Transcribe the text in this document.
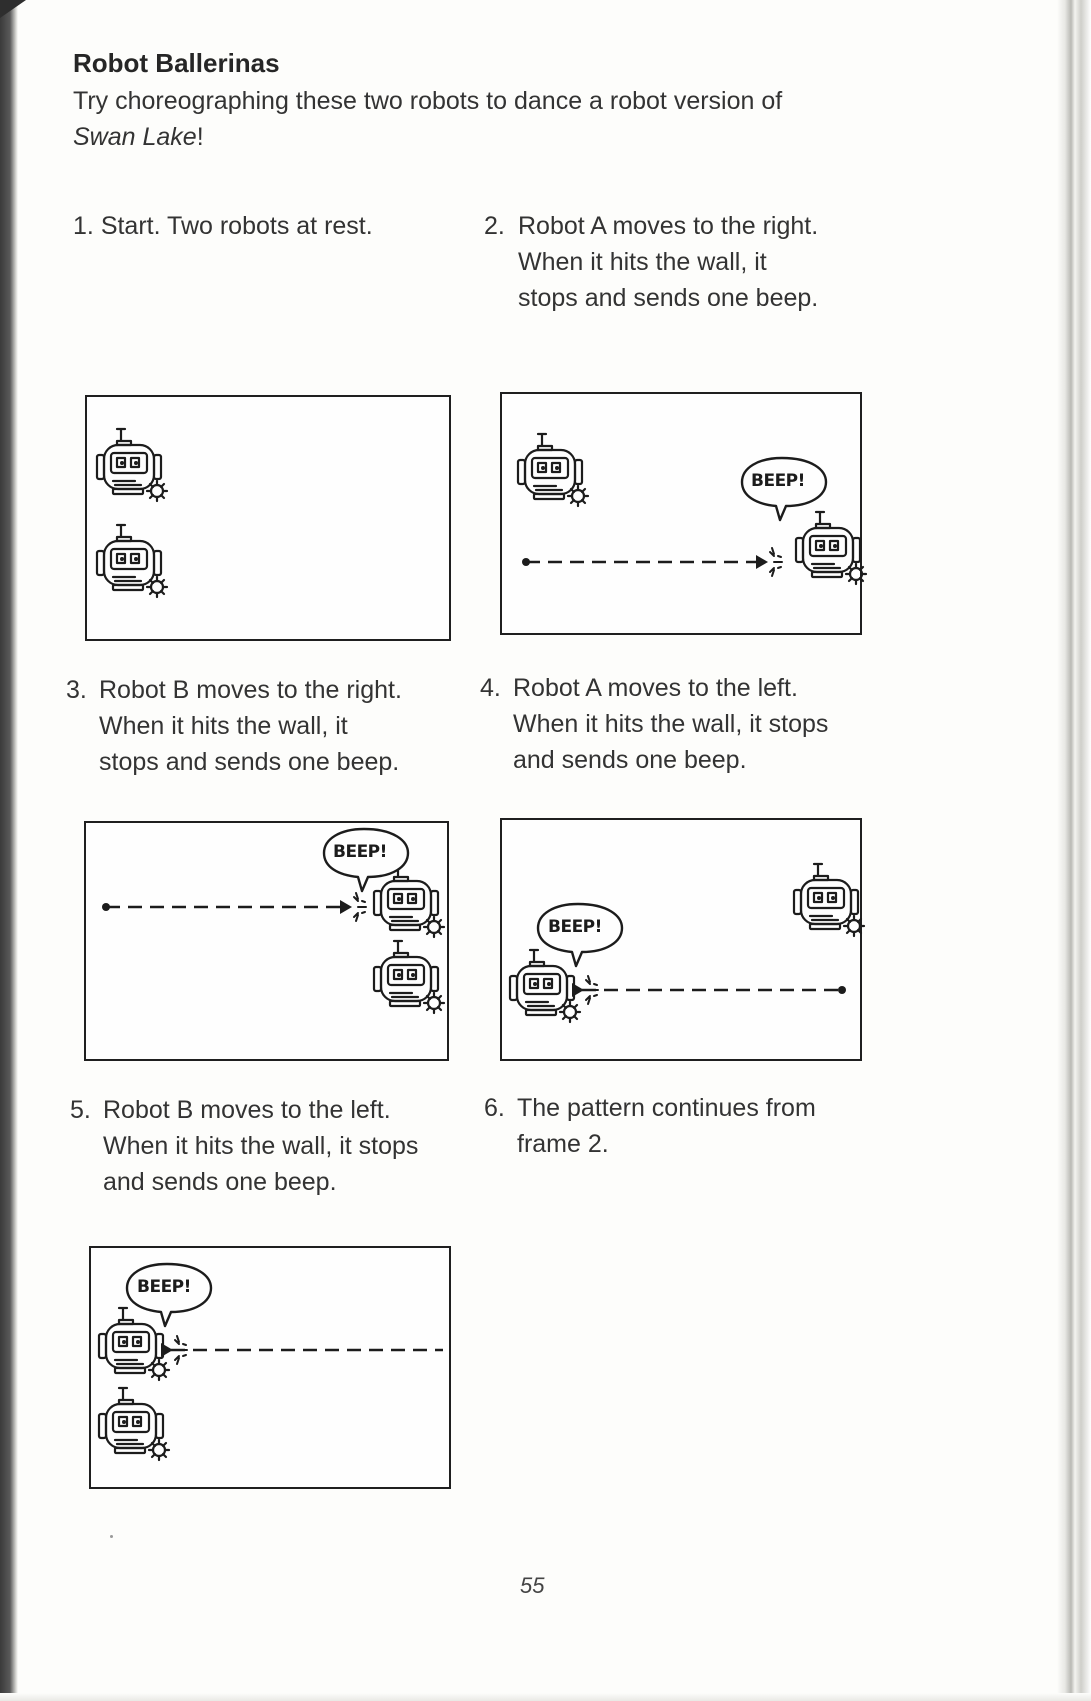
Robot Ballerinas

Try choreographing these two robots to dance a robot version of
Swan Lake!

1. Start. Two robots at rest.	2. Robot A moves to the right. When it hits the wall, it stops and sends one beep.

BEEP!

3. Robot B moves to the right. When it hits the wall, it stops and sends one beep.

4. Robot A moves to the left. When it hits the wall, it stops and sends one beep.

BEEP!
BEEP!

5. Robot B moves to the left. When it hits the wall, it stops and sends one beep.

6. The pattern continues from frame 2.

BEEP!

55
